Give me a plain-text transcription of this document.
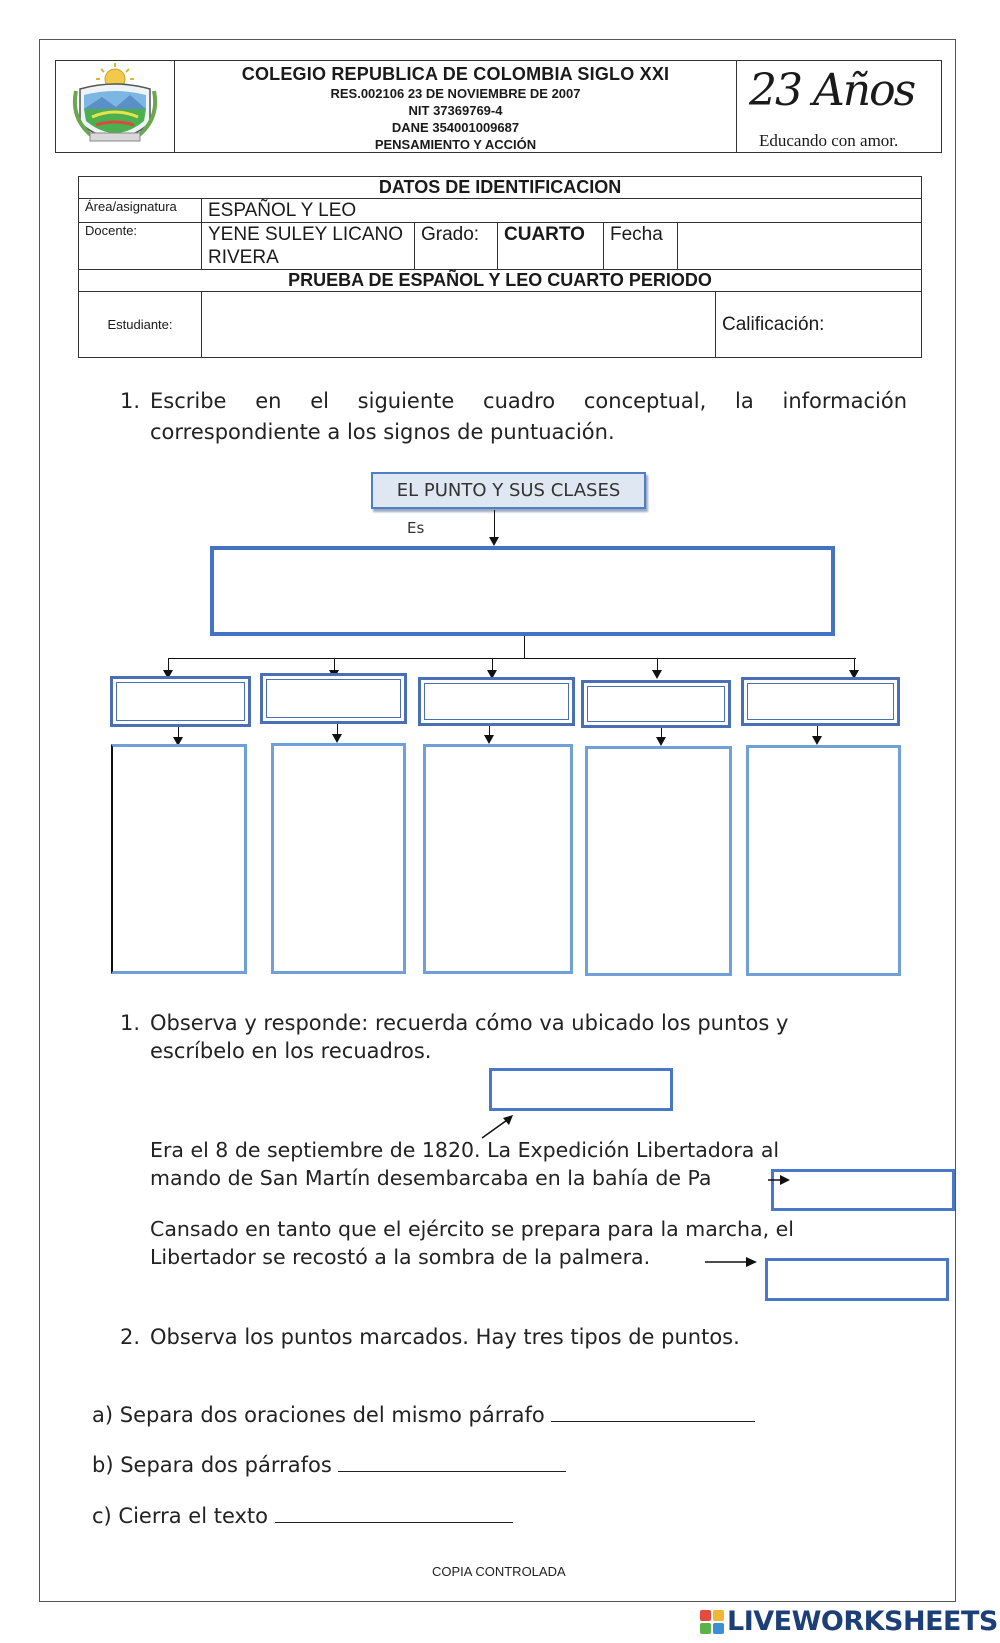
COLEGIO REPUBLICA DE COLOMBIA SIGLO XXI
RES.002106 23 DE NOVIEMBRE DE 2007
NIT 37369769-4
DANE 354001009687
PENSAMIENTO Y ACCIÓN
23 Años
Educando con amor.
DATOS DE IDENTIFICACION						
Área/asignatura	ESPAÑOL Y LEO					
Docente:	YENE SULEY LICANO RIVERA	Grado:	CUARTO	Fecha		
PRUEBA DE ESPAÑOL Y LEO CUARTO PERIODO						
Estudiante:						Calificación:
1. Escribe en el siguiente cuadro conceptual, la información
correspondiente a los signos de puntuación.
EL PUNTO Y SUS CLASES
Es
1. Observa y responde: recuerda cómo va ubicado los puntos y
escríbelo en los recuadros.
Era el 8 de septiembre de 1820. La Expedición Libertadora al
mando de San Martín desembarcaba en la bahía de Pa
Cansado en tanto que el ejército se prepara para la marcha, el
Libertador se recostó a la sombra de la palmera.
2. Observa los puntos marcados. Hay tres tipos de puntos.
a) Separa dos oraciones del mismo párrafo
b) Separa dos párrafos
c) Cierra el texto
COPIA CONTROLADA
LIVEWORKSHEETS
